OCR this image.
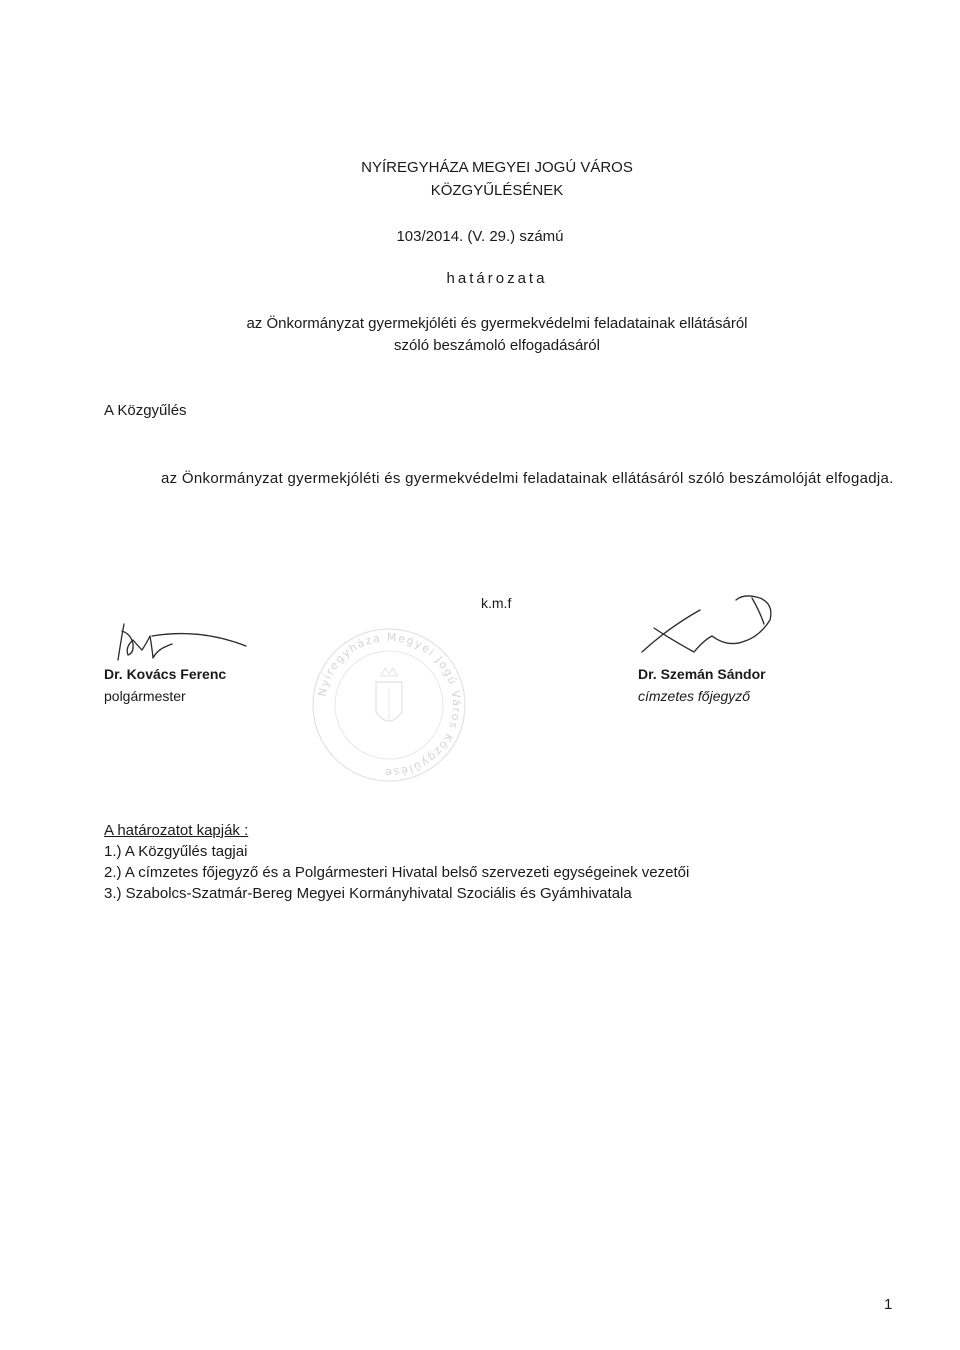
NYÍREGYHÁZA MEGYEI JOGÚ VÁROS
KÖZGYŰLÉSÉNEK
103/2014. (V. 29.) számú
határozata
az Önkormányzat gyermekjóléti és gyermekvédelmi feladatainak ellátásáról
szóló beszámoló elfogadásáról
A Közgyűlés
az Önkormányzat gyermekjóléti és gyermekvédelmi feladatainak ellátásáról szóló beszámolóját elfogadja.
k.m.f
Nyíregyháza Megyei Jogú Város Közgyűlése
Dr. Kovács Ferenc
polgármester
Dr. Szemán Sándor
címzetes főjegyző
A határozatot kapják :
1.) A Közgyűlés tagjai
2.) A címzetes főjegyző és a Polgármesteri Hivatal belső szervezeti egységeinek vezetői
3.) Szabolcs-Szatmár-Bereg Megyei Kormányhivatal Szociális és Gyámhivatala
1
